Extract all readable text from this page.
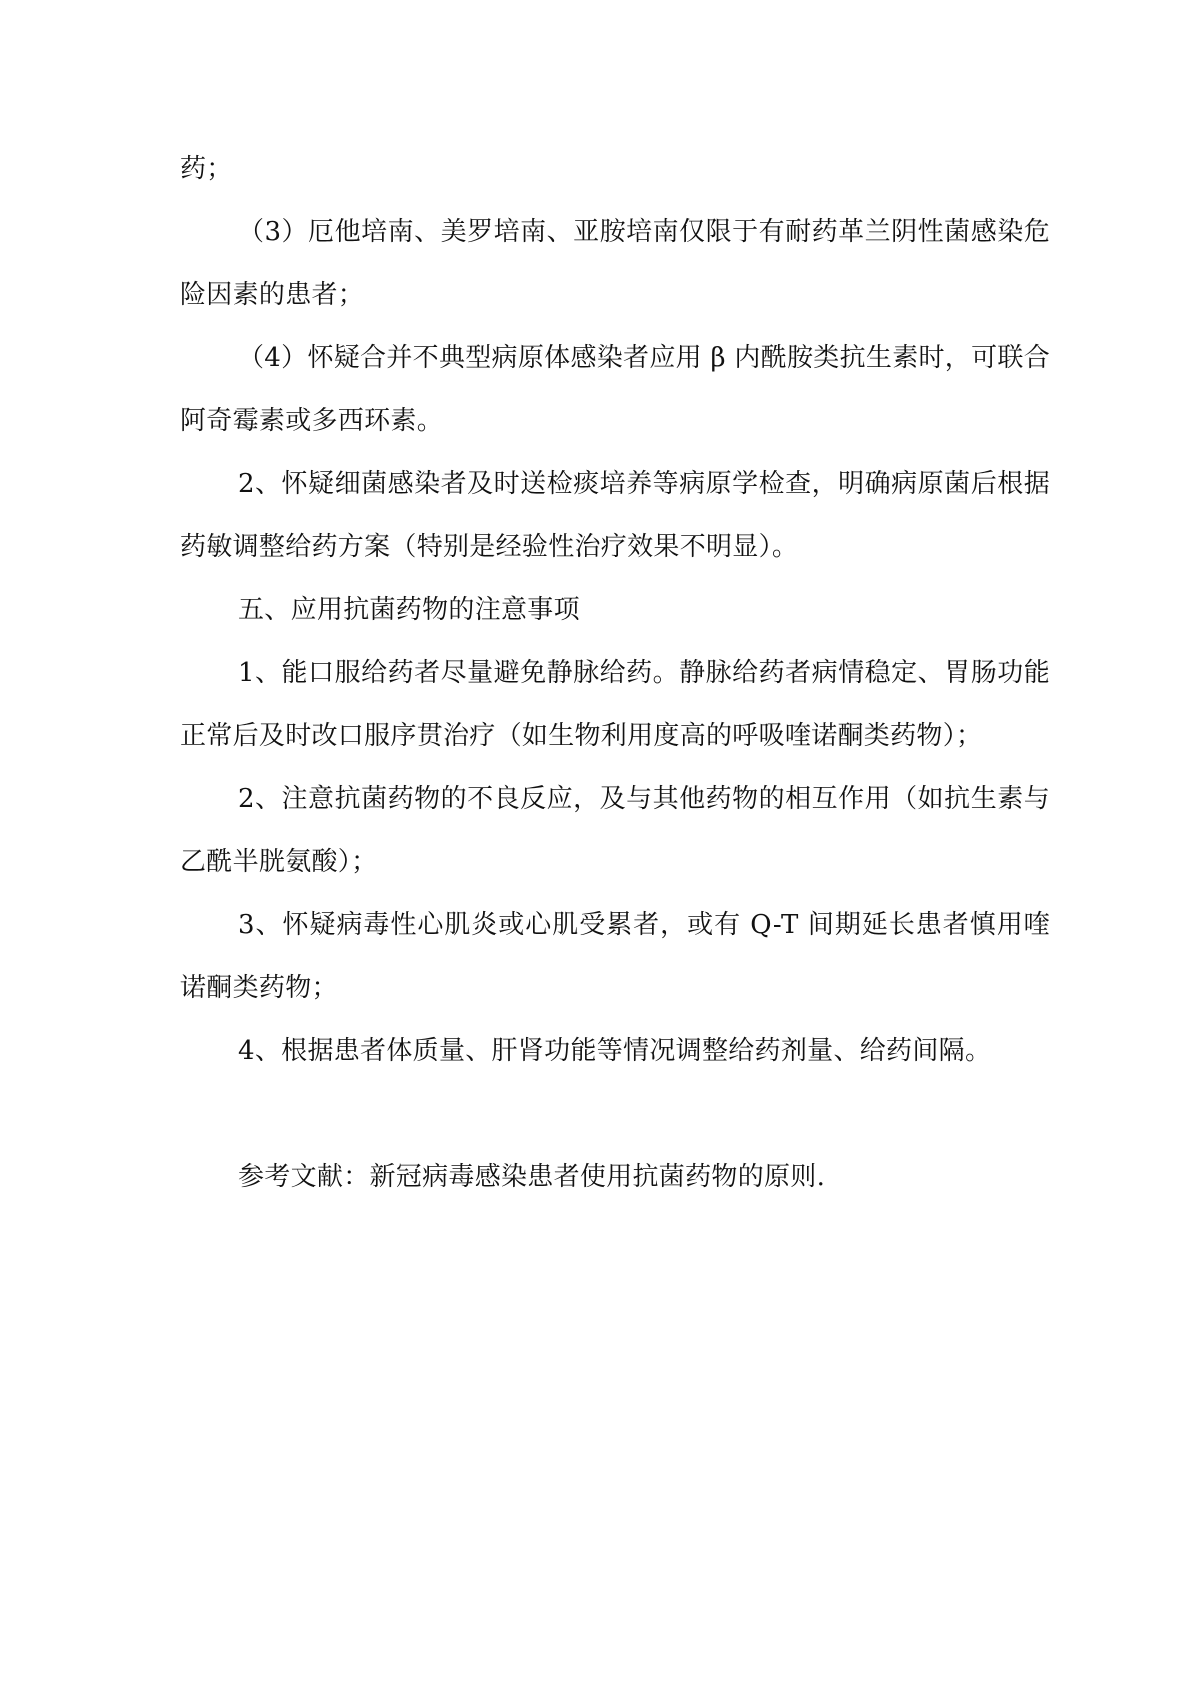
药；

（3）厄他培南、美罗培南、亚胺培南仅限于有耐药革兰阴性菌感染危险因素的患者；

（4）怀疑合并不典型病原体感染者应用 β 内酰胺类抗生素时，可联合阿奇霉素或多西环素。

2、怀疑细菌感染者及时送检痰培养等病原学检查，明确病原菌后根据药敏调整给药方案（特别是经验性治疗效果不明显）。

五、应用抗菌药物的注意事项

1、能口服给药者尽量避免静脉给药。静脉给药者病情稳定、胃肠功能正常后及时改口服序贯治疗（如生物利用度高的呼吸喹诺酮类药物）；

2、注意抗菌药物的不良反应，及与其他药物的相互作用（如抗生素与乙酰半胱氨酸）；

3、怀疑病毒性心肌炎或心肌受累者，或有 Q-T 间期延长患者慎用喹诺酮类药物；

4、根据患者体质量、肝肾功能等情况调整给药剂量、给药间隔。

参考文献：新冠病毒感染患者使用抗菌药物的原则.
